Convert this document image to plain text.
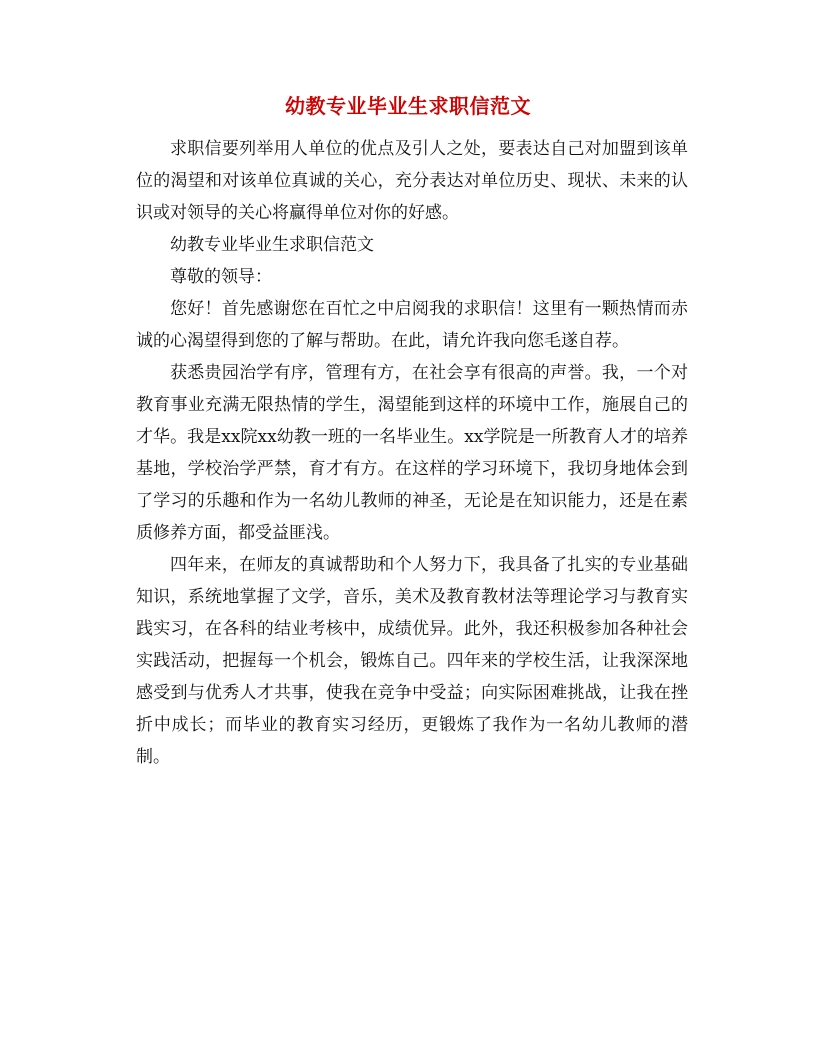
幼教专业毕业生求职信范文

求职信要列举用人单位的优点及引人之处，要表达自己对加盟到该单位的渴望和对该单位真诚的关心，充分表达对单位历史、现状、未来的认识或对领导的关心将赢得单位对你的好感。

幼教专业毕业生求职信范文

尊敬的领导：

您好！首先感谢您在百忙之中启阅我的求职信！这里有一颗热情而赤诚的心渴望得到您的了解与帮助。在此，请允许我向您毛遂自荐。

获悉贵园治学有序，管理有方，在社会享有很高的声誉。我，一个对教育事业充满无限热情的学生，渴望能到这样的环境中工作，施展自己的才华。我是xx院xx幼教一班的一名毕业生。xx学院是一所教育人才的培养基地，学校治学严禁，育才有方。在这样的学习环境下，我切身地体会到了学习的乐趣和作为一名幼儿教师的神圣，无论是在知识能力，还是在素质修养方面，都受益匪浅。

四年来，在师友的真诚帮助和个人努力下，我具备了扎实的专业基础知识，系统地掌握了文学，音乐，美术及教育教材法等理论学习与教育实践实习，在各科的结业考核中，成绩优异。此外，我还积极参加各种社会实践活动，把握每一个机会，锻炼自己。四年来的学校生活，让我深深地感受到与优秀人才共事，使我在竞争中受益；向实际困难挑战，让我在挫折中成长；而毕业的教育实习经历，更锻炼了我作为一名幼儿教师的潜制。
